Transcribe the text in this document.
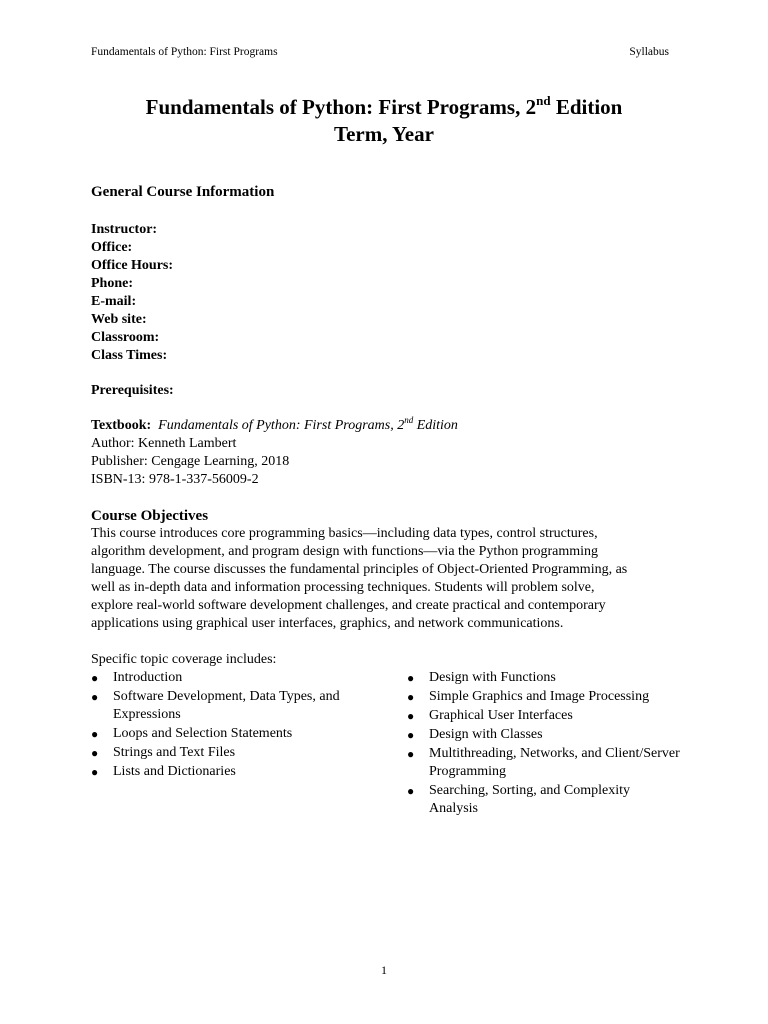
Fundamentals of Python: First Programs	Syllabus
Fundamentals of Python: First Programs, 2nd Edition
Term, Year
General Course Information
Instructor:
Office:
Office Hours:
Phone:
E-mail:
Web site:
Classroom:
Class Times:
Prerequisites:
Textbook: Fundamentals of Python: First Programs, 2nd Edition
Author: Kenneth Lambert
Publisher: Cengage Learning, 2018
ISBN-13: 978-1-337-56009-2
Course Objectives
This course introduces core programming basics—including data types, control structures,
algorithm development, and program design with functions—via the Python programming
language. The course discusses the fundamental principles of Object-Oriented Programming, as
well as in-depth data and information processing techniques. Students will problem solve,
explore real-world software development challenges, and create practical and contemporary
applications using graphical user interfaces, graphics, and network communications.
Specific topic coverage includes:
● Introduction
● Software Development, Data Types, and Expressions
● Loops and Selection Statements
● Strings and Text Files
● Lists and Dictionaries
● Design with Functions
● Simple Graphics and Image Processing
● Graphical User Interfaces
● Design with Classes
● Multithreading, Networks, and Client/Server Programming
● Searching, Sorting, and Complexity Analysis
1
